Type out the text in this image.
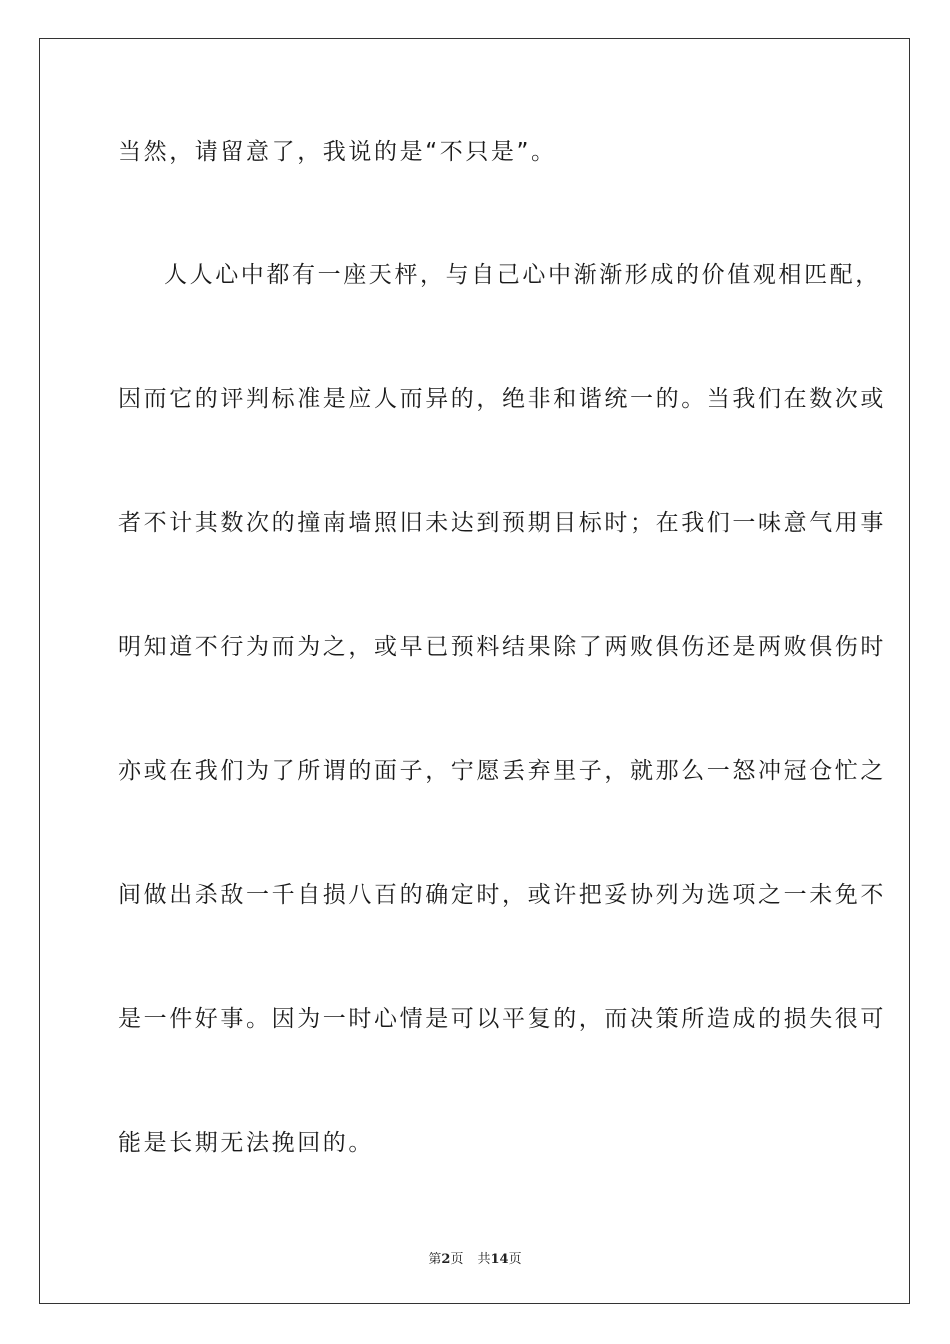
当然，请留意了，我说的是“不只是”。
人人心中都有一座天枰，与自己心中渐渐形成的价值观相匹配，
因而它的评判标准是应人而异的，绝非和谐统一的。当我们在数次或
者不计其数次的撞南墙照旧未达到预期目标时；在我们一味意气用事
明知道不行为而为之，或早已预料结果除了两败俱伤还是两败俱伤时
亦或在我们为了所谓的面子，宁愿丢弃里子，就那么一怒冲冠仓忙之
间做出杀敌一千自损八百的确定时，或许把妥协列为选项之一未免不
是一件好事。因为一时心情是可以平复的，而决策所造成的损失很可
能是长期无法挽回的。
第2页 共14页
